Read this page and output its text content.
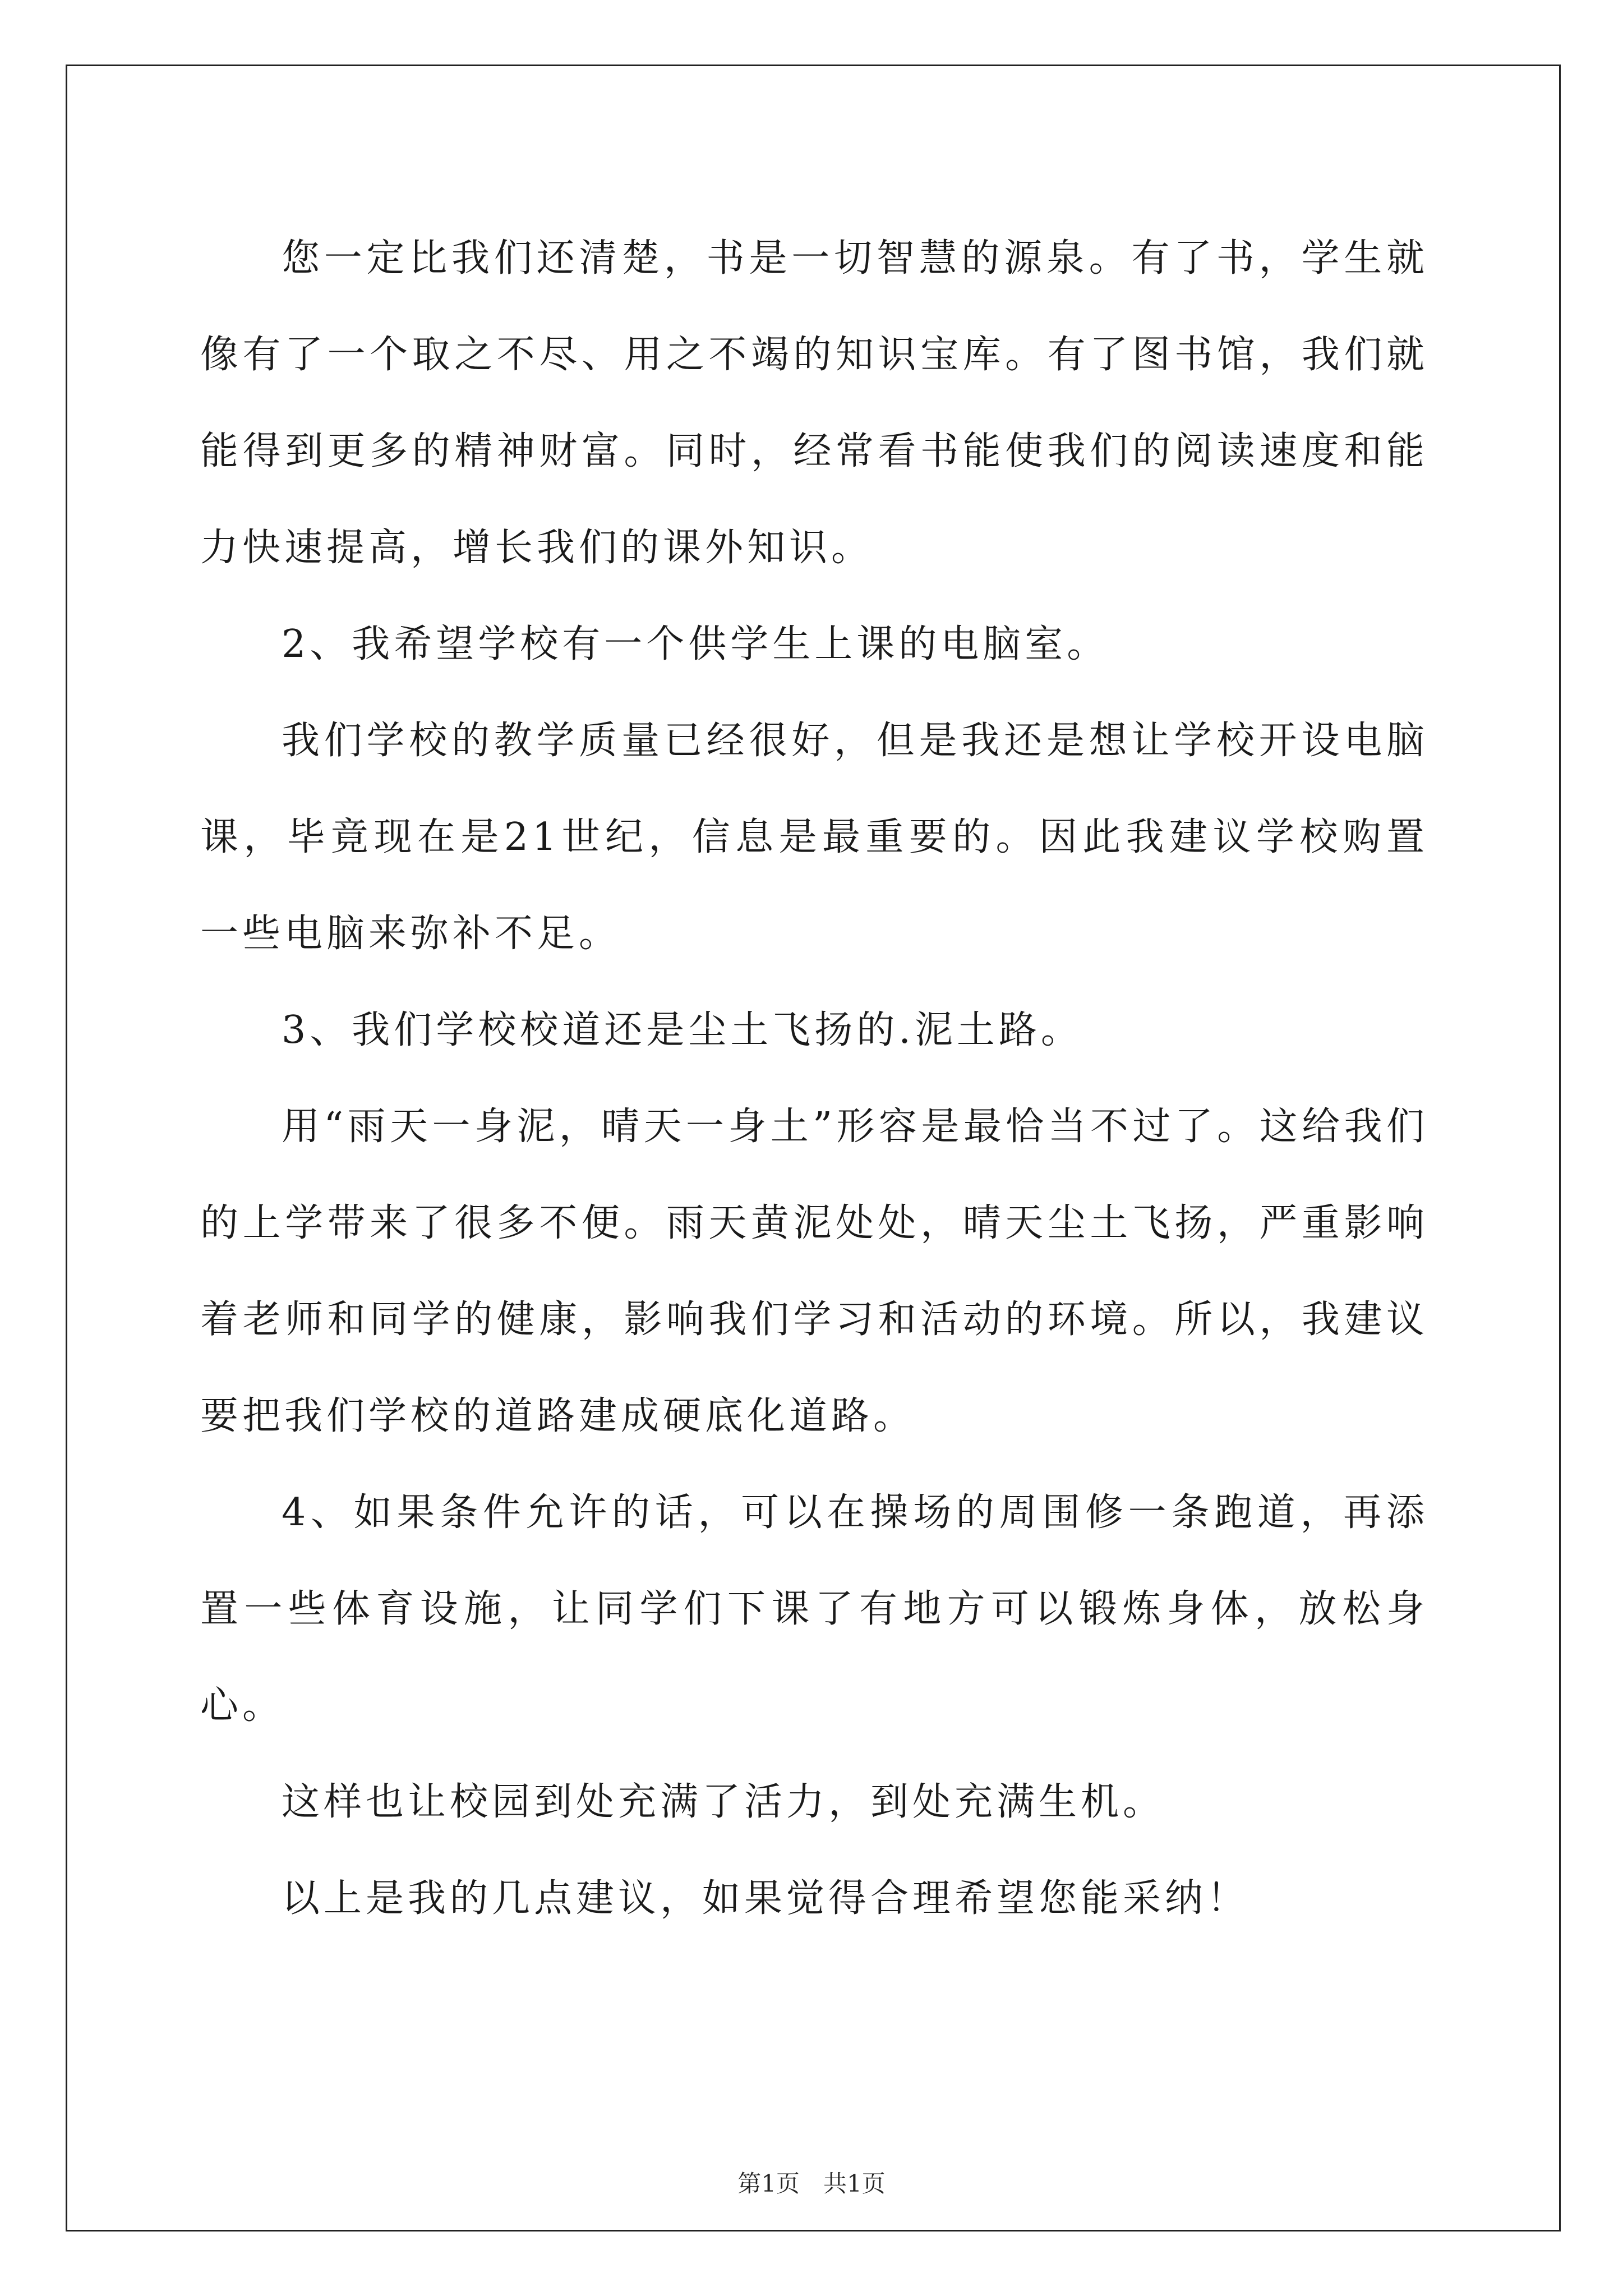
您一定比我们还清楚，书是一切智慧的源泉。有了书，学生就像有了一个取之不尽、用之不竭的知识宝库。有了图书馆，我们就能得到更多的精神财富。同时，经常看书能使我们的阅读速度和能力快速提高，增长我们的课外知识。

2、我希望学校有一个供学生上课的电脑室。

我们学校的教学质量已经很好，但是我还是想让学校开设电脑课，毕竟现在是21世纪，信息是最重要的。因此我建议学校购置一些电脑来弥补不足。

3、我们学校校道还是尘土飞扬的.泥土路。

用“雨天一身泥，晴天一身土”形容是最恰当不过了。这给我们的上学带来了很多不便。雨天黄泥处处，晴天尘土飞扬，严重影响着老师和同学的健康，影响我们学习和活动的环境。所以，我建议要把我们学校的道路建成硬底化道路。

4、如果条件允许的话，可以在操场的周围修一条跑道，再添置一些体育设施，让同学们下课了有地方可以锻炼身体，放松身心。

这样也让校园到处充满了活力，到处充满生机。

以上是我的几点建议，如果觉得合理希望您能采纳！

第1页　共1页
